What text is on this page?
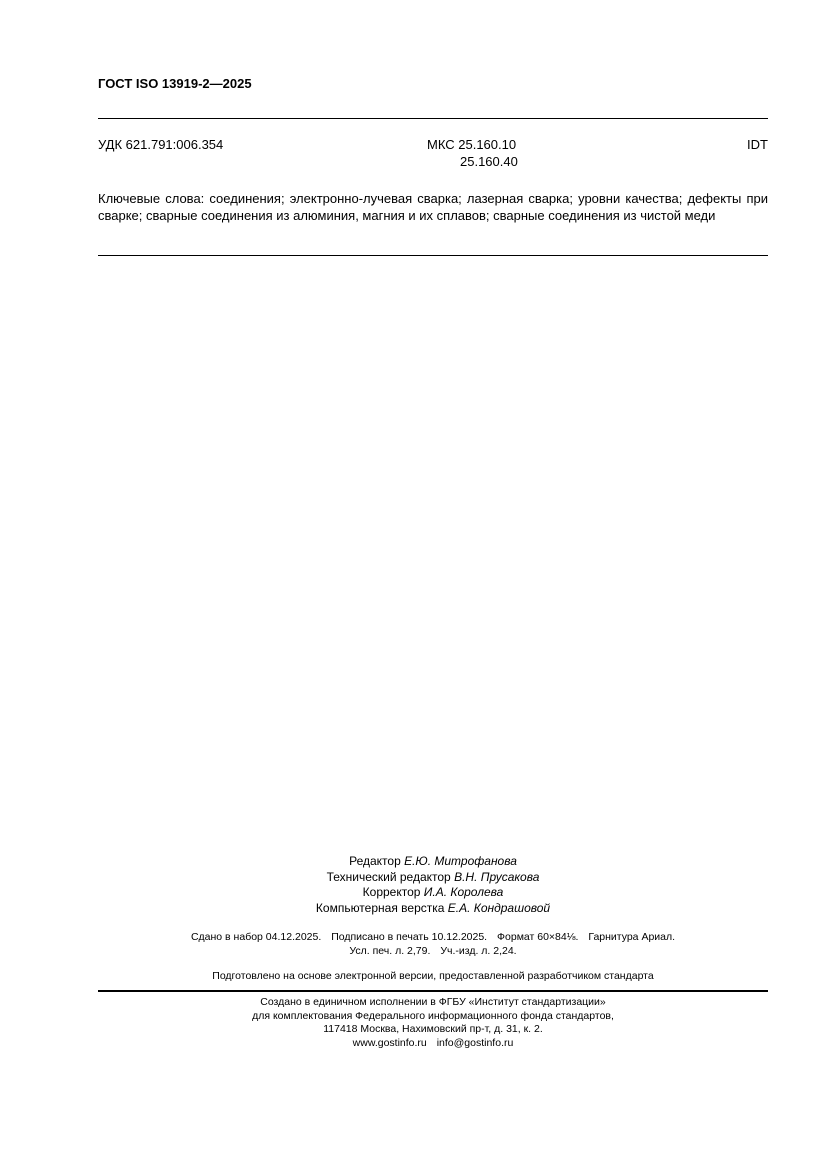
ГОСТ ISO 13919-2—2025
УДК 621.791:006.354	МКС 25.160.10
25.160.40
IDT
Ключевые слова: соединения; электронно-лучевая сварка; лазерная сварка; уровни качества; дефекты при сварке; сварные соединения из алюминия, магния и их сплавов; сварные соединения из чистой меди
Редактор Е.Ю. Митрофанова
Технический редактор В.Н. Прусакова
Корректор И.А. Королева
Компьютерная верстка Е.А. Кондрашовой
Сдано в набор 04.12.2025. Подписано в печать 10.12.2025. Формат 60×84⅛. Гарнитура Ариал.
Усл. печ. л. 2,79. Уч.-изд. л. 2,24.
Подготовлено на основе электронной версии, предоставленной разработчиком стандарта
Создано в единичном исполнении в ФГБУ «Институт стандартизации»
для комплектования Федерального информационного фонда стандартов,
117418 Москва, Нахимовский пр-т, д. 31, к. 2.
www.gostinfo.ru info@gostinfo.ru
